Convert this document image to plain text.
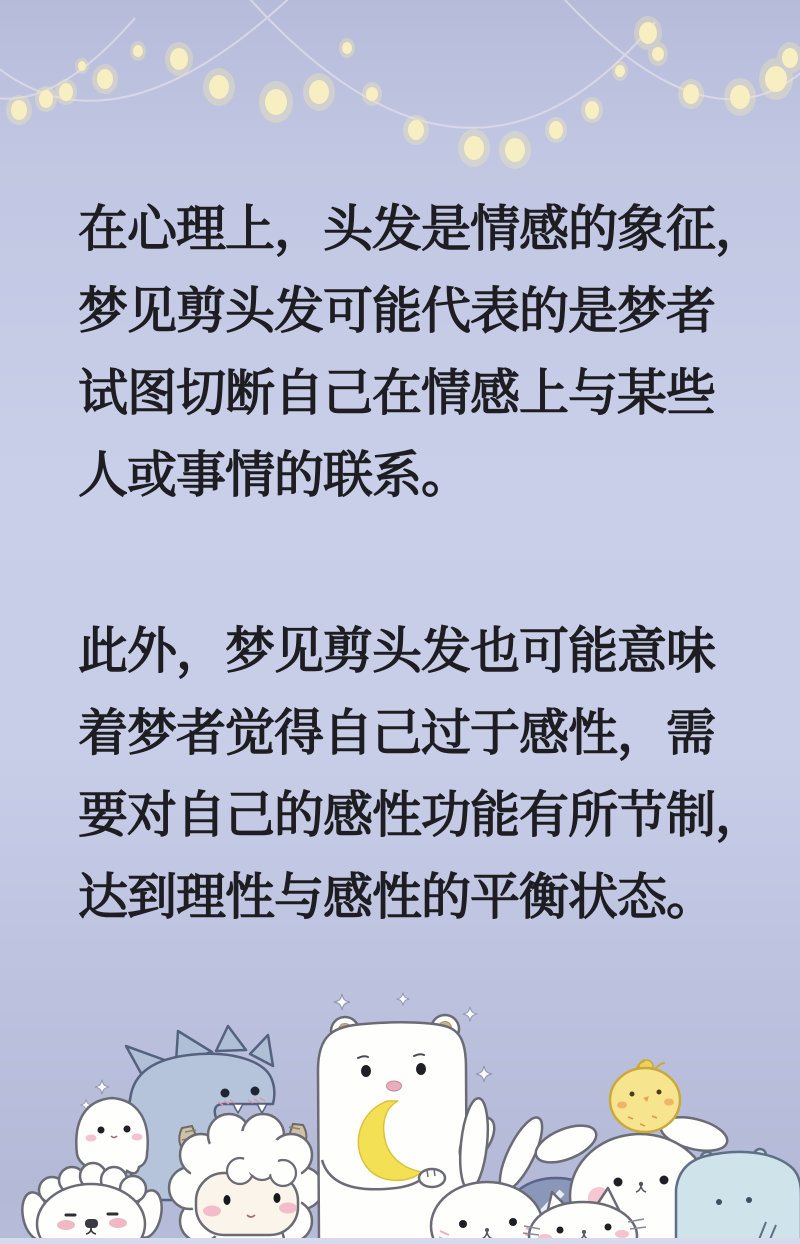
在心理上，头发是情感的象征，
梦见剪头发可能代表的是梦者
试图切断自己在情感上与某些
人或事情的联系。
此外，梦见剪头发也可能意味
着梦者觉得自己过于感性，需
要对自己的感性功能有所节制，
达到理性与感性的平衡状态。
